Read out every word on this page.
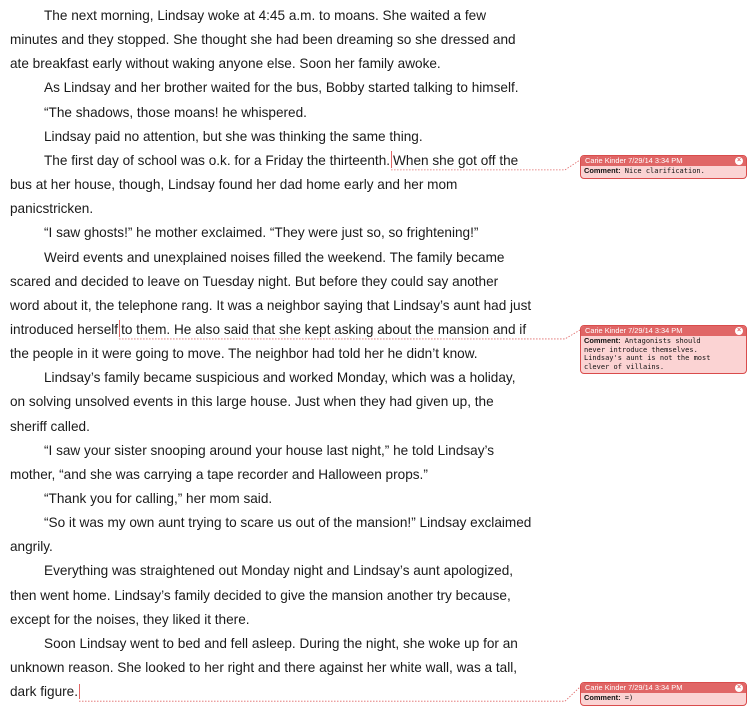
The next morning, Lindsay woke at 4:45 a.m. to moans. She waited a few
minutes and they stopped. She thought she had been dreaming so she dressed and
ate breakfast early without waking anyone else. Soon her family awoke.
As Lindsay and her brother waited for the bus, Bobby started talking to himself.
“The shadows, those moans! he whispered.
Lindsay paid no attention, but she was thinking the same thing.
The first day of school was o.k. for a Friday the thirteenth. When she got off the
bus at her house, though, Lindsay found her dad home early and her mom
panicstricken.
“I saw ghosts!” he mother exclaimed. “They were just so, so frightening!”
Weird events and unexplained noises filled the weekend. The family became
scared and decided to leave on Tuesday night. But before they could say another
word about it, the telephone rang. It was a neighbor saying that Lindsay’s aunt had just
introduced herself to them. He also said that she kept asking about the mansion and if
the people in it were going to move. The neighbor had told her he didn’t know.
Lindsay’s family became suspicious and worked Monday, which was a holiday,
on solving unsolved events in this large house. Just when they had given up, the
sheriff called.
“I saw your sister snooping around your house last night,” he told Lindsay’s
mother, “and she was carrying a tape recorder and Halloween props.”
“Thank you for calling,” her mom said.
“So it was my own aunt trying to scare us out of the mansion!” Lindsay exclaimed
angrily.
Everything was straightened out Monday night and Lindsay’s aunt apologized,
then went home. Lindsay’s family decided to give the mansion another try because,
except for the noises, they liked it there.
Soon Lindsay went to bed and fell asleep. During the night, she woke up for an
unknown reason. She looked to her right and there against her white wall, was a tall,
dark figure.
Carie Kinder 7/29/14 3:34 PM	×
Comment: Nice clarification.
Carie Kinder 7/29/14 3:34 PM	×
Comment: Antagonists should
never introduce themselves.
Lindsay's aunt is not the most
clever of villains.
Carie Kinder 7/29/14 3:34 PM	×
Comment: =)
